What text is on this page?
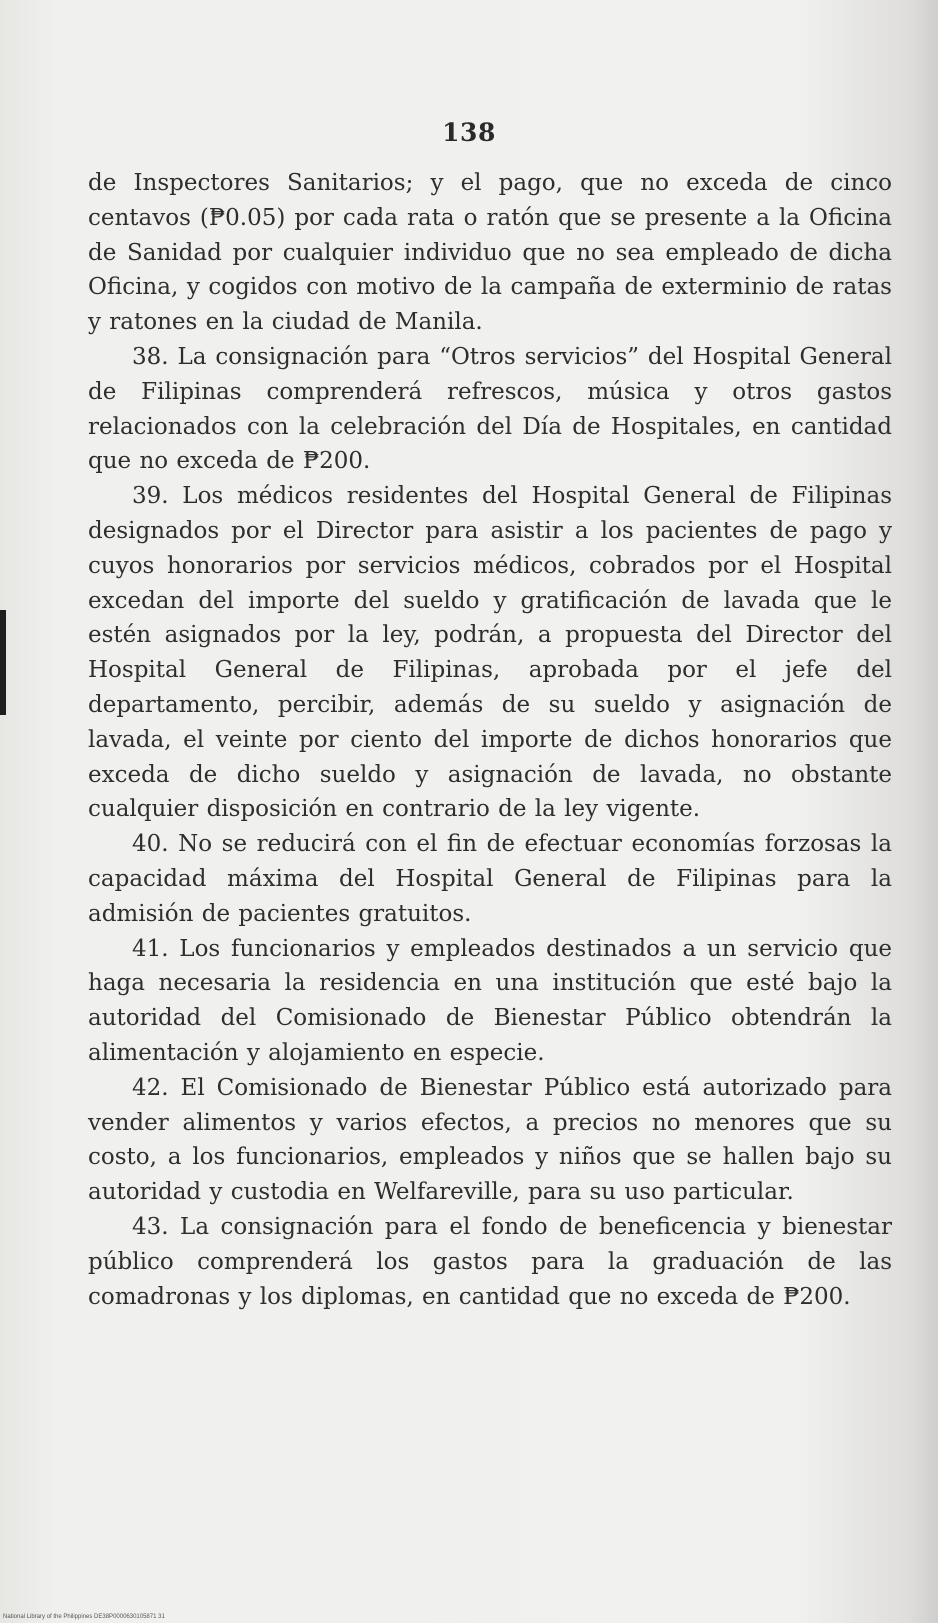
138

de Inspectores Sanitarios; y el pago, que no exceda de cinco centavos (₱0.05) por cada rata o ratón que se presente a la Oficina de Sanidad por cualquier individuo que no sea empleado de dicha Oficina, y cogidos con motivo de la campaña de exterminio de ratas y ratones en la ciudad de Manila.

38. La consignación para “Otros servicios” del Hospital General de Filipinas comprenderá refrescos, música y otros gastos relacionados con la celebración del Día de Hospitales, en cantidad que no exceda de ₱200.

39. Los médicos residentes del Hospital General de Filipinas designados por el Director para asistir a los pacientes de pago y cuyos honorarios por servicios médicos, cobrados por el Hospital excedan del importe del sueldo y gratificación de lavada que le estén asignados por la ley, podrán, a propuesta del Director del Hospital General de Filipinas, aprobada por el jefe del departamento, percibir, además de su sueldo y asignación de lavada, el veinte por ciento del importe de dichos honorarios que exceda de dicho sueldo y asignación de lavada, no obstante cualquier disposición en contrario de la ley vigente.

40. No se reducirá con el fin de efectuar economías forzosas la capacidad máxima del Hospital General de Filipinas para la admisión de pacientes gratuitos.

41. Los funcionarios y empleados destinados a un servicio que haga necesaria la residencia en una institución que esté bajo la autoridad del Comisionado de Bienestar Público obtendrán la alimentación y alojamiento en especie.

42. El Comisionado de Bienestar Público está autorizado para vender alimentos y varios efectos, a precios no menores que su costo, a los funcionarios, empleados y niños que se hallen bajo su autoridad y custodia en Welfareville, para su uso particular.

43. La consignación para el fondo de beneficencia y bienestar público comprenderá los gastos para la graduación de las comadronas y los diplomas, en cantidad que no exceda de ₱200.

National Library of the Philippines DE38P0000630105871 31
